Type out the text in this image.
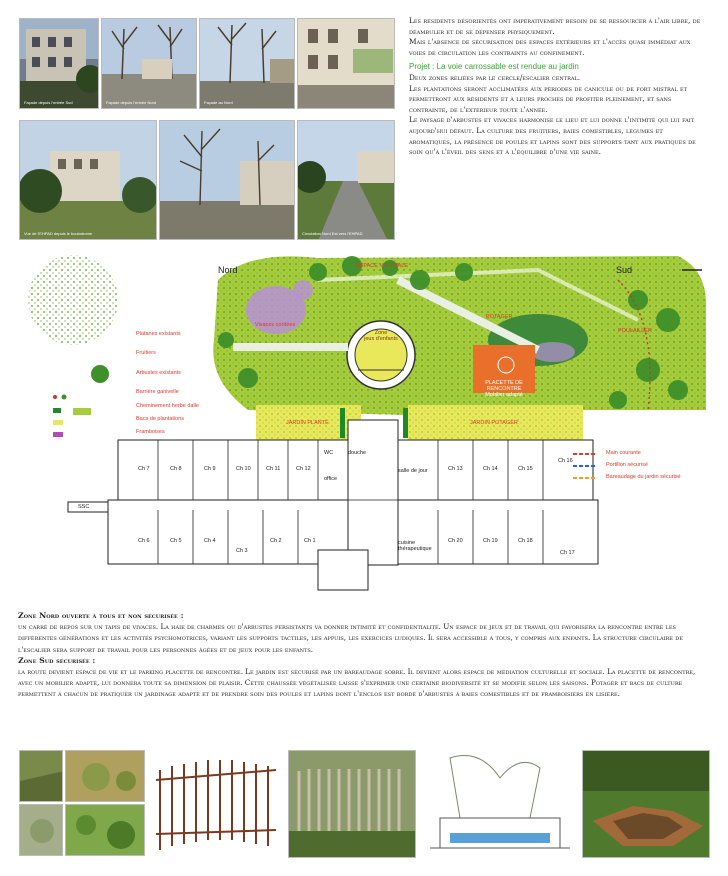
Façade depuis l'entrée Sud	Façade depuis l'entrée Nord	Façade au Nord
Vue de l'EHPAD depuis le boulodrome	Circulation Nord Est vers l'EHPAD

Les résidents désorientés ont impérativement besoin de se ressourcer à l'air libre, de déambuler et de se dépenser physiquement.

Mais l'absence de sécurisation des espaces extérieurs et l'accès quasi immédiat aux voies de circulation les contraints au confinement.

Projet : La voie carrossable est rendue au jardin

Deux zones reliées par le cercle/escalier central.

Les plantations seront acclimatées aux périodes de canicule ou de fort mistral et permettront aux résidents et à leurs proches de profiter pleinement, et sans contrainte, de l'extérieur toute l'année.

Le paysage d'arbustes et vivaces harmonise le lieu et lui donne l'intimité qui lui fait aujourd'hui défaut. La culture des fruitiers, baies comestibles, légumes et aromatiques, la présence de poules et lapins sont des supports tant aux pratiques de soin qu'à l'éveil des sens et à l'équilibre d'une vie saine.

Nord	Sud
ESPACE VÉGÉTALE
Platanes existants
Fruitiers
Arbustes existants
Barrière ganivelle
Cheminement herbe dalle
Bacs de plantations
Framboises
Vivaces cordées
Zone
jeux d'enfants
POTAGER
PLACETTE DE
RENCONTRE
Mobilier adapté
POULAILLER
JARDIN PLANTÉ	JARDIN POTAGER
Main courante
Portillon sécurisé
Bareaudage du jardin sécurisé
Ch 7	Ch 8	Ch 9	Ch 10	Ch 11	Ch 12	Ch 13	Ch 14	Ch 15
Ch 16
Ch 6	Ch 5	Ch 4
Ch 3
Ch 2	Ch 1	Ch 20	Ch 19	Ch 18
Ch 17
salle de jour
cuisine
thérapeutique
office
WC	douche
SSC
Zone Nord ouverte à tous et non sécurisée :
un carré de repos sur un tapis de vivaces. La haie de charmes ou d'arbustes persistants va donner intimité et confidentialité. Un espace de jeux et de travail qui favorisera la rencontre entre les différentes générations et les activités psychomotrices, variant les supports tactiles, les appuis, les exercices ludiques. Il sera accessible à tous, y compris aux enfants. La structure circulaire de l'escalier sera support de travail pour les personnes âgées et de jeux pour les enfants.
Zone Sud sécurisée :
la route devient espace de vie et le parking placette de rencontre. Le jardin est sécurisé par un bareaudage sobre. Il devient alors espace de médiation culturelle et sociale. La placette de rencontre, avec un mobilier adapté, lui donnera toute sa dimension de plaisir. Cette chaussée végétalisée laisse s'exprimer une certaine biodiversité et se modifie selon les saisons. Potager et bacs de culture permettent à chacun de pratiquer un jardinage adapté et de prendre soin des poules et lapins dont l'enclos est bordé d'arbustes à baies comestibles et de framboisiers en lisière.
